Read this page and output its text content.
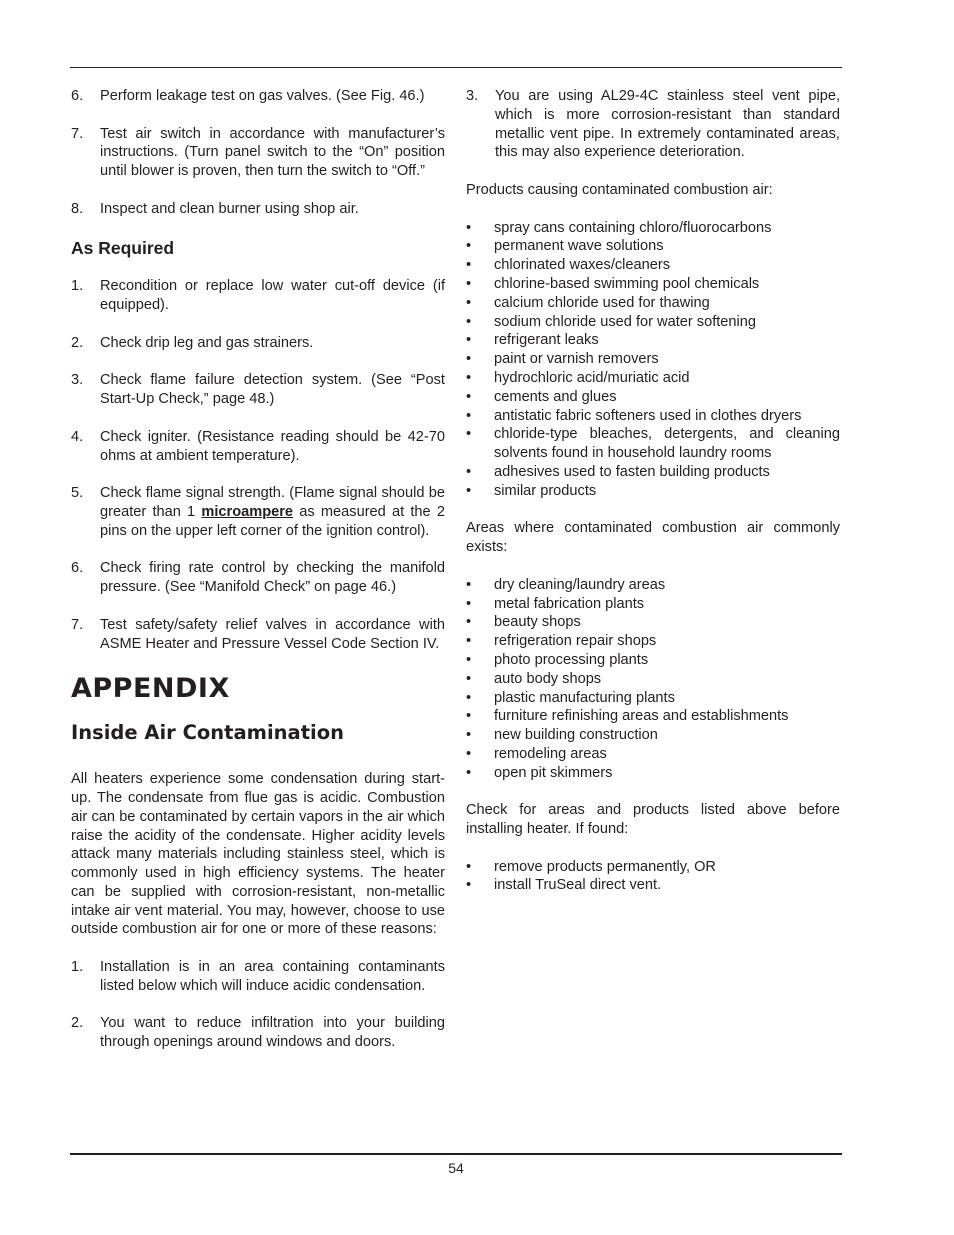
6. Perform leakage test on gas valves. (See Fig. 46.)
7. Test air switch in accordance with manufacturer’s instructions. (Turn panel switch to the “On” position until blower is proven, then turn the switch to “Off.”
8. Inspect and clean burner using shop air.
As Required
1. Recondition or replace low water cut-off device (if equipped).
2. Check drip leg and gas strainers.
3. Check flame failure detection system. (See “Post Start-Up Check,” page 48.)
4. Check igniter. (Resistance reading should be 42-70 ohms at ambient temperature).
5. Check flame signal strength. (Flame signal should be greater than 1 microampere as measured at the 2 pins on the upper left corner of the ignition control).
6. Check firing rate control by checking the manifold pressure. (See “Manifold Check” on page 46.)
7. Test safety/safety relief valves in accordance with ASME Heater and Pressure Vessel Code Section IV.
APPENDIX
Inside Air Contamination

All heaters experience some condensation during start-up. The condensate from flue gas is acidic. Combustion air can be contaminated by certain vapors in the air which raise the acidity of the condensate. Higher acidity levels attack many materials including stainless steel, which is commonly used in high efficiency systems. The heater can be supplied with corrosion-resistant, non-metallic intake air vent material. You may, however, choose to use outside combustion air for one or more of these reasons:

1. Installation is in an area containing contaminants listed below which will induce acidic condensation.
2. You want to reduce infiltration into your building through openings around windows and doors.
3. You are using AL29-4C stainless steel vent pipe, which is more corrosion-resistant than standard metallic vent pipe. In extremely contaminated areas, this may also experience deterioration.

Products causing contaminated combustion air:

• spray cans containing chloro/fluorocarbons
• permanent wave solutions
• chlorinated waxes/cleaners
• chlorine-based swimming pool chemicals
• calcium chloride used for thawing
• sodium chloride used for water softening
• refrigerant leaks
• paint or varnish removers
• hydrochloric acid/muriatic acid
• cements and glues
• antistatic fabric softeners used in clothes dryers
• chloride-type bleaches, detergents, and cleaning solvents found in household laundry rooms
• adhesives used to fasten building products
• similar products

Areas where contaminated combustion air commonly exists:

• dry cleaning/laundry areas
• metal fabrication plants
• beauty shops
• refrigeration repair shops
• photo processing plants
• auto body shops
• plastic manufacturing plants
• furniture refinishing areas and establishments
• new building construction
• remodeling areas
• open pit skimmers

Check for areas and products listed above before installing heater. If found:

• remove products permanently, OR
• install TruSeal direct vent.
54
